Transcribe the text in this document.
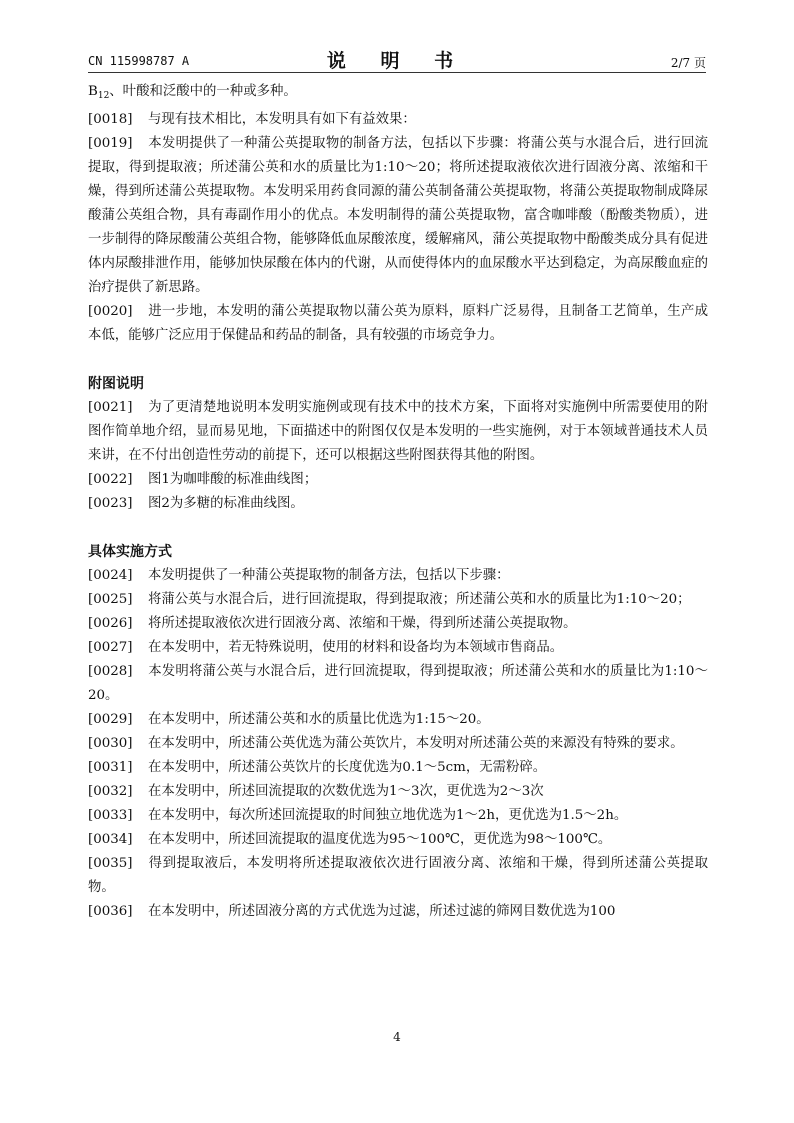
CN 115998787 A	说 明 书	2/7 页

$B_{12}$、叶酸和泛酸中的一种或多种。

[0018] 与现有技术相比，本发明具有如下有益效果：

[0019] 本发明提供了一种蒲公英提取物的制备方法，包括以下步骤：将蒲公英与水混合后，进行回流提取，得到提取液；所述蒲公英和水的质量比为1:10～20；将所述提取液依次进行固液分离、浓缩和干燥，得到所述蒲公英提取物。本发明采用药食同源的蒲公英制备蒲公英提取物，将蒲公英提取物制成降尿酸蒲公英组合物，具有毒副作用小的优点。本发明制得的蒲公英提取物，富含咖啡酸（酚酸类物质），进一步制得的降尿酸蒲公英组合物，能够降低血尿酸浓度，缓解痛风，蒲公英提取物中酚酸类成分具有促进体内尿酸排泄作用，能够加快尿酸在体内的代谢，从而使得体内的血尿酸水平达到稳定，为高尿酸血症的治疗提供了新思路。

[0020] 进一步地，本发明的蒲公英提取物以蒲公英为原料，原料广泛易得，且制备工艺简单，生产成本低，能够广泛应用于保健品和药品的制备，具有较强的市场竞争力。

附图说明

[0021] 为了更清楚地说明本发明实施例或现有技术中的技术方案，下面将对实施例中所需要使用的附图作简单地介绍，显而易见地，下面描述中的附图仅仅是本发明的一些实施例，对于本领域普通技术人员来讲，在不付出创造性劳动的前提下，还可以根据这些附图获得其他的附图。

[0022] 图1为咖啡酸的标准曲线图；

[0023] 图2为多糖的标准曲线图。

具体实施方式

[0024] 本发明提供了一种蒲公英提取物的制备方法，包括以下步骤：

[0025] 将蒲公英与水混合后，进行回流提取，得到提取液；所述蒲公英和水的质量比为1:10～20；

[0026] 将所述提取液依次进行固液分离、浓缩和干燥，得到所述蒲公英提取物。

[0027] 在本发明中，若无特殊说明，使用的材料和设备均为本领域市售商品。

[0028] 本发明将蒲公英与水混合后，进行回流提取，得到提取液；所述蒲公英和水的质量比为1:10～20。

[0029] 在本发明中，所述蒲公英和水的质量比优选为1:15～20。

[0030] 在本发明中，所述蒲公英优选为蒲公英饮片，本发明对所述蒲公英的来源没有特殊的要求。

[0031] 在本发明中，所述蒲公英饮片的长度优选为0.1～5cm，无需粉碎。

[0032] 在本发明中，所述回流提取的次数优选为1～3次，更优选为2～3次

[0033] 在本发明中，每次所述回流提取的时间独立地优选为1～2h，更优选为1.5～2h。

[0034] 在本发明中，所述回流提取的温度优选为95～100℃，更优选为98～100℃。

[0035] 得到提取液后，本发明将所述提取液依次进行固液分离、浓缩和干燥，得到所述蒲公英提取物。

[0036] 在本发明中，所述固液分离的方式优选为过滤，所述过滤的筛网目数优选为100

4
